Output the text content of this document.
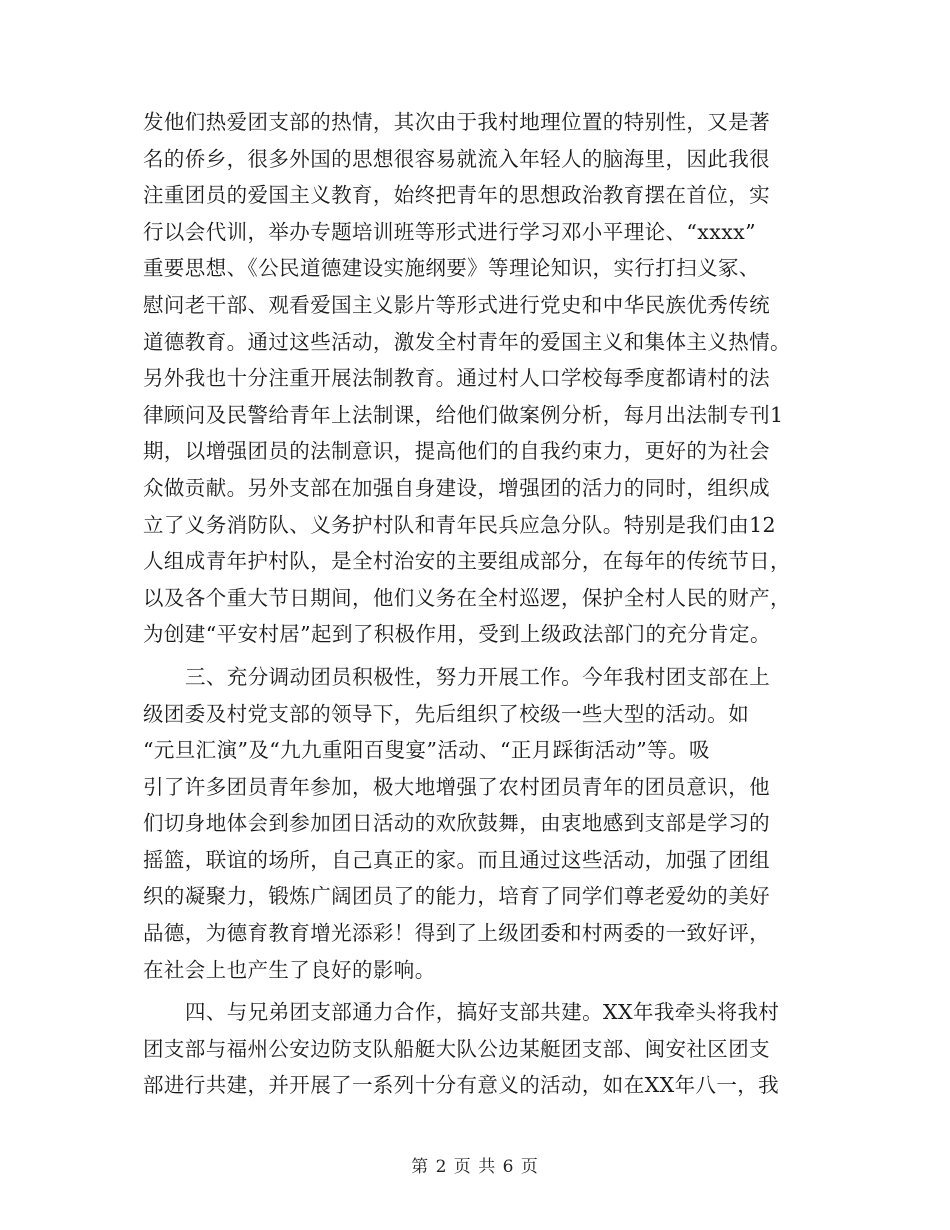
发他们热爱团支部的热情，其次由于我村地理位置的特别性，又是著
名的侨乡，很多外国的思想很容易就流入年轻人的脑海里，因此我很
注重团员的爱国主义教育，始终把青年的思想政治教育摆在首位，实
行以会代训，举办专题培训班等形式进行学习邓小平理论、“xxxx”
重要思想、《公民道德建设实施纲要》等理论知识，实行打扫义冢、
慰问老干部、观看爱国主义影片等形式进行党史和中华民族优秀传统
道德教育。通过这些活动，激发全村青年的爱国主义和集体主义热情。
另外我也十分注重开展法制教育。通过村人口学校每季度都请村的法
律顾问及民警给青年上法制课，给他们做案例分析，每月出法制专刊1
期，以增强团员的法制意识，提高他们的自我约束力，更好的为社会
众做贡献。另外支部在加强自身建设，增强团的活力的同时，组织成
立了义务消防队、义务护村队和青年民兵应急分队。特别是我们由12
人组成青年护村队，是全村治安的主要组成部分，在每年的传统节日，
以及各个重大节日期间，他们义务在全村巡逻，保护全村人民的财产，
为创建“平安村居”起到了积极作用，受到上级政法部门的充分肯定。
三、充分调动团员积极性，努力开展工作。今年我村团支部在上
级团委及村党支部的领导下，先后组织了校级一些大型的活动。如
“元旦汇演”及“九九重阳百叟宴”活动、“正月踩街活动”等。吸
引了许多团员青年参加，极大地增强了农村团员青年的团员意识，他
们切身地体会到参加团日活动的欢欣鼓舞，由衷地感到支部是学习的
摇篮，联谊的场所，自己真正的家。而且通过这些活动，加强了团组
织的凝聚力，锻炼广阔团员了的能力，培育了同学们尊老爱幼的美好
品德，为德育教育增光添彩！得到了上级团委和村两委的一致好评，
在社会上也产生了良好的影响。
四、与兄弟团支部通力合作，搞好支部共建。XX年我牵头将我村
团支部与福州公安边防支队船艇大队公边某艇团支部、闽安社区团支
部进行共建，并开展了一系列十分有意义的活动，如在XX年八一，我
第 2 页 共 6 页
